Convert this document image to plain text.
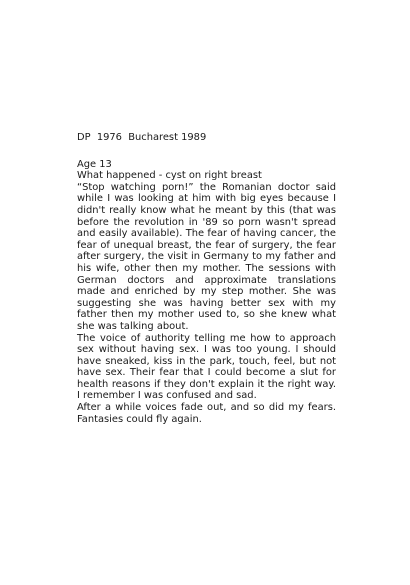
DP  1976  Bucharest 1989

Age 13

What happened - cyst on right breast

“Stop watching porn!” the Romanian doctor said while I was looking at him with big eyes because I didn't really know what he meant by this (that was before the revolution in '89 so porn wasn't spread and easily available). The fear of having cancer, the fear of unequal breast, the fear of surgery, the fear after surgery, the visit in Germany to my father and his wife, other then my mother. The sessions with German doctors and approximate translations made and enriched by my step mother. She was suggesting she was having better sex with my father then my mother used to, so she knew what she was talking about.

The voice of authority telling me how to approach sex without having sex. I was too young. I should have sneaked, kiss in the park, touch, feel, but not have sex. Their fear that I could become a slut for health reasons if they don't explain it the right way. I remember I was confused and sad.

After a while voices fade out, and so did my fears. Fantasies could fly again.
